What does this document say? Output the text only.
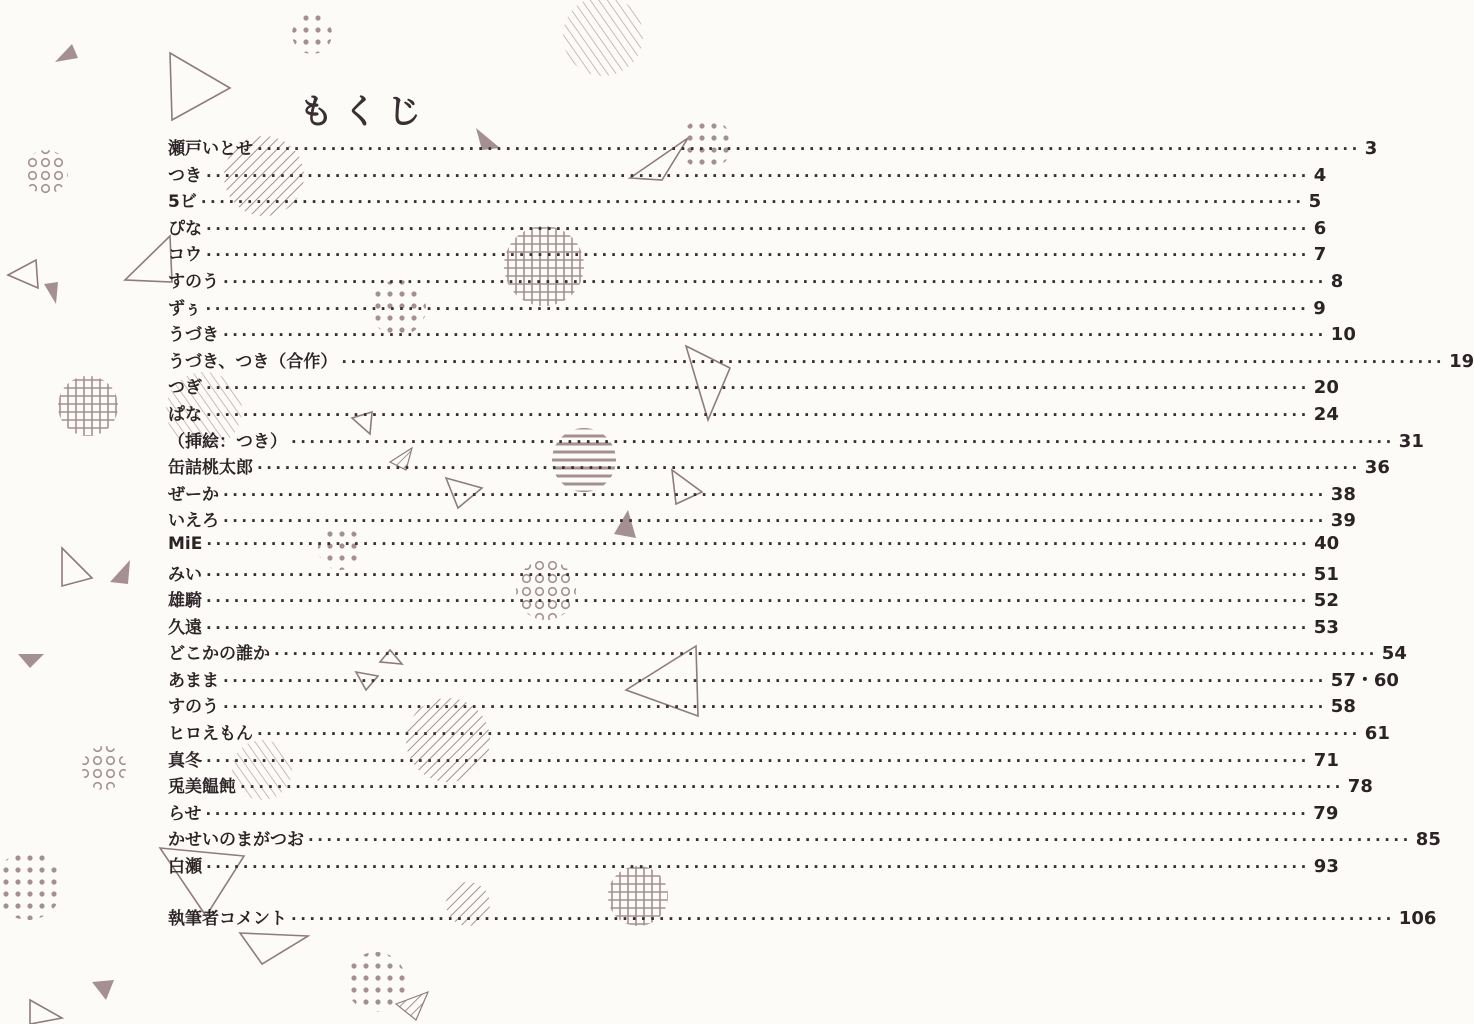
もくじ
瀬戸いとせ ························································································································ 3
つき ························································································································ 4
5ビ ························································································································ 5
ぴな ························································································································ 6
コウ ························································································································ 7
すのう ························································································································ 8
ずぅ ························································································································ 9
うづき ························································································································ 10
うづき、つき（合作） ························································································································ 19
つぎ ························································································································ 20
ぱな ························································································································ 24
（挿絵：つき） ························································································································ 31
缶詰桃太郎 ························································································································ 36
ぜーか ························································································································ 38
いえろ ························································································································ 39
MiE ························································································································ 40
みい ························································································································ 51
雄騎 ························································································································ 52
久遠 ························································································································ 53
どこかの誰か ························································································································ 54
あまま ························································································································ 57・60
すのう ························································································································ 58
ヒロえもん ························································································································ 61
真冬 ························································································································ 71
兎美饂飩 ························································································································ 78
らせ ························································································································ 79
かせいのまがつお ························································································································ 85
白瀬 ························································································································ 93
執筆者コメント ························································································································ 106
